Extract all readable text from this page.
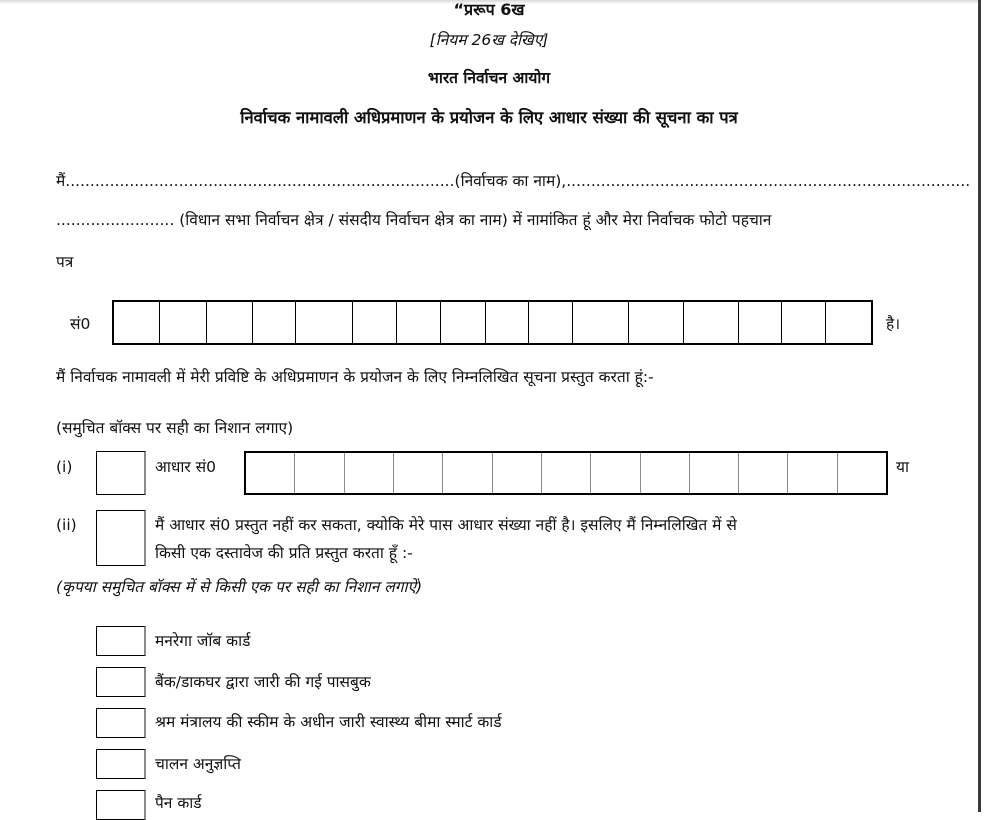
“प्ररूप 6ख
[नियम 26ख देखिए]
भारत निर्वाचन आयोग
निर्वाचक नामावली अधिप्रमाणन के प्रयोजन के लिए आधार संख्या की सूचना का पत्र
मैं...............................................................................(निर्वाचक का नाम),..................................................................................
........................ (विधान सभा निर्वाचन क्षेत्र / संसदीय निर्वाचन क्षेत्र का नाम) में नामांकित हूं और मेरा निर्वाचक फोटो पहचान
पत्र
सं0	है।
मैं निर्वाचक नामावली में मेरी प्रविष्टि के अधिप्रमाणन के प्रयोजन के लिए निम्नलिखित सूचना प्रस्तुत करता हूं:-
(समुचित बॉक्स पर सही का निशान लगाए)
(i)	आधार सं0	या
(ii)	मैं आधार सं0 प्रस्तुत नहीं कर सकता, क्योकि मेरे पास आधार संख्या नहीं है। इसलिए मैं निम्नलिखित में से
किसी एक दस्तावेज की प्रति प्रस्तुत करता हूँ :-
(कृपया समुचित बॉक्स में से किसी एक पर सही का निशान लगाऐं)
मनरेगा जॉब कार्ड
बैंक/डाकघर द्वारा जारी की गई पासबुक
श्रम मंत्रालय की स्कीम के अधीन जारी स्वास्थ्य बीमा स्मार्ट कार्ड
चालन अनुज्ञप्ति
पैन कार्ड
